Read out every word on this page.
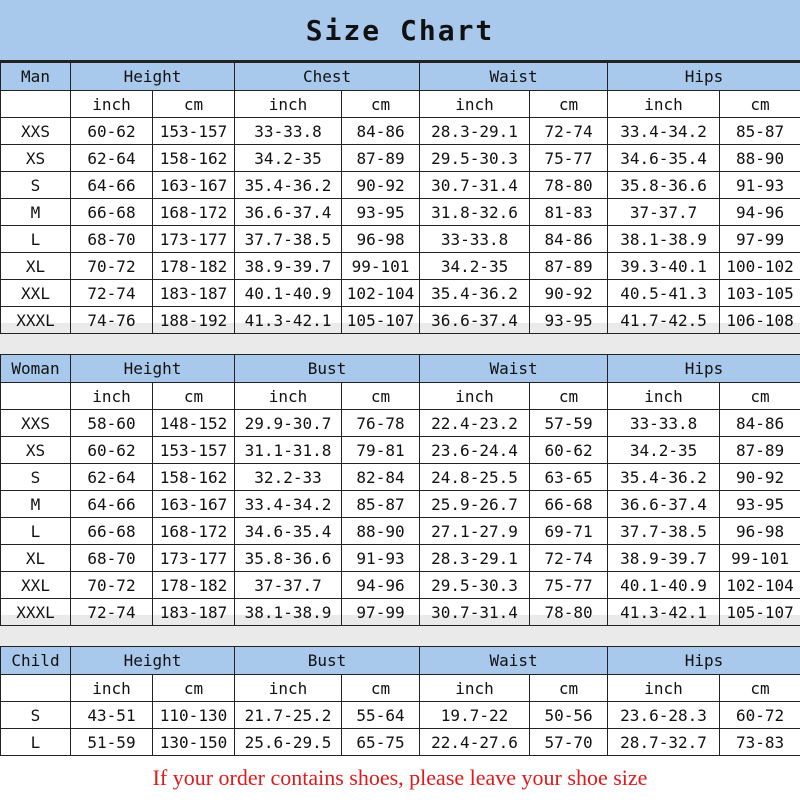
Size Chart
Man	Height		Chest		Waist		Hips	
	inch	cm	inch	cm	inch	cm	inch	cm
XXS	60-62	153-157	33-33.8	84-86	28.3-29.1	72-74	33.4-34.2	85-87
XS	62-64	158-162	34.2-35	87-89	29.5-30.3	75-77	34.6-35.4	88-90
S	64-66	163-167	35.4-36.2	90-92	30.7-31.4	78-80	35.8-36.6	91-93
M	66-68	168-172	36.6-37.4	93-95	31.8-32.6	81-83	37-37.7	94-96
L	68-70	173-177	37.7-38.5	96-98	33-33.8	84-86	38.1-38.9	97-99
XL	70-72	178-182	38.9-39.7	99-101	34.2-35	87-89	39.3-40.1	100-102
XXL	72-74	183-187	40.1-40.9	102-104	35.4-36.2	90-92	40.5-41.3	103-105
XXXL	74-76	188-192	41.3-42.1	105-107	36.6-37.4	93-95	41.7-42.5	106-108
Woman	Height		Bust		Waist		Hips	
	inch	cm	inch	cm	inch	cm	inch	cm
XXS	58-60	148-152	29.9-30.7	76-78	22.4-23.2	57-59	33-33.8	84-86
XS	60-62	153-157	31.1-31.8	79-81	23.6-24.4	60-62	34.2-35	87-89
S	62-64	158-162	32.2-33	82-84	24.8-25.5	63-65	35.4-36.2	90-92
M	64-66	163-167	33.4-34.2	85-87	25.9-26.7	66-68	36.6-37.4	93-95
L	66-68	168-172	34.6-35.4	88-90	27.1-27.9	69-71	37.7-38.5	96-98
XL	68-70	173-177	35.8-36.6	91-93	28.3-29.1	72-74	38.9-39.7	99-101
XXL	70-72	178-182	37-37.7	94-96	29.5-30.3	75-77	40.1-40.9	102-104
XXXL	72-74	183-187	38.1-38.9	97-99	30.7-31.4	78-80	41.3-42.1	105-107
Child	Height		Bust		Waist		Hips	
	inch	cm	inch	cm	inch	cm	inch	cm
S	43-51	110-130	21.7-25.2	55-64	19.7-22	50-56	23.6-28.3	60-72
L	51-59	130-150	25.6-29.5	65-75	22.4-27.6	57-70	28.7-32.7	73-83
If your order contains shoes, please leave your shoe size
